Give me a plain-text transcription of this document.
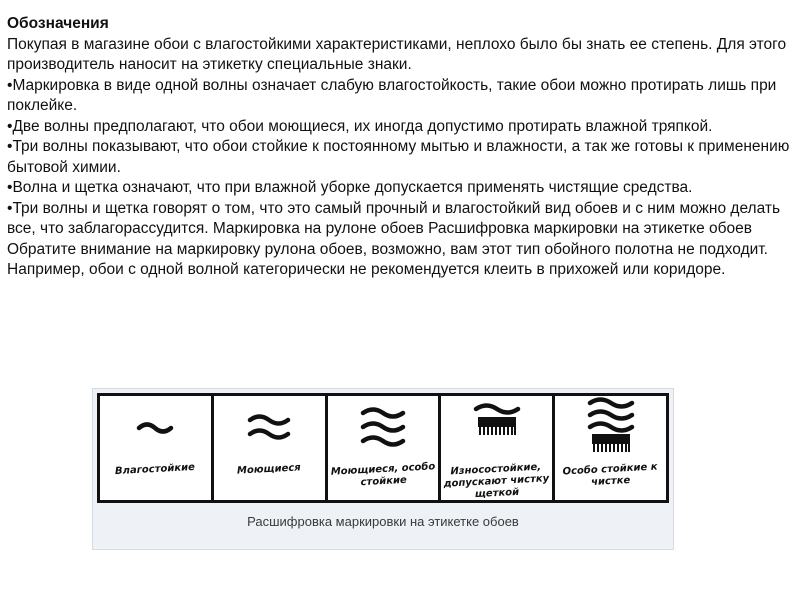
Обозначения

Покупая в магазине обои с влагостойкими характеристиками, неплохо было бы знать ее степень. Для этого производитель наносит на этикетку специальные знаки.

• Маркировка в виде одной волны означает слабую влагостойкость, такие обои можно протирать лишь при поклейке.

• Две волны предполагают, что обои моющиеся, их иногда допустимо протирать влажной тряпкой.

• Три волны показывают, что обои стойкие к постоянному мытью и влажности, а так же готовы к применению бытовой химии.

• Волна и щетка означают, что при влажной уборке допускается применять чистящие средства.

• Три волны и щетка говорят о том, что это самый прочный и влагостойкий вид обоев и с ним можно делать все, что заблагорассудится. Маркировка на рулоне обоев Расшифровка маркировки на этикетке обоев

Обратите внимание на маркировку рулона обоев, возможно, вам этот тип обойного полотна не подходит. Например, обои с одной волной категорически не рекомендуется клеить в прихожей или коридоре.

Влагостойкие	Моющиеся	Моющиеся, особо стойкие
Износостойкие, допускают чистку щеткой
Особо стойкие к чистке
Расшифровка маркировки на этикетке обоев
